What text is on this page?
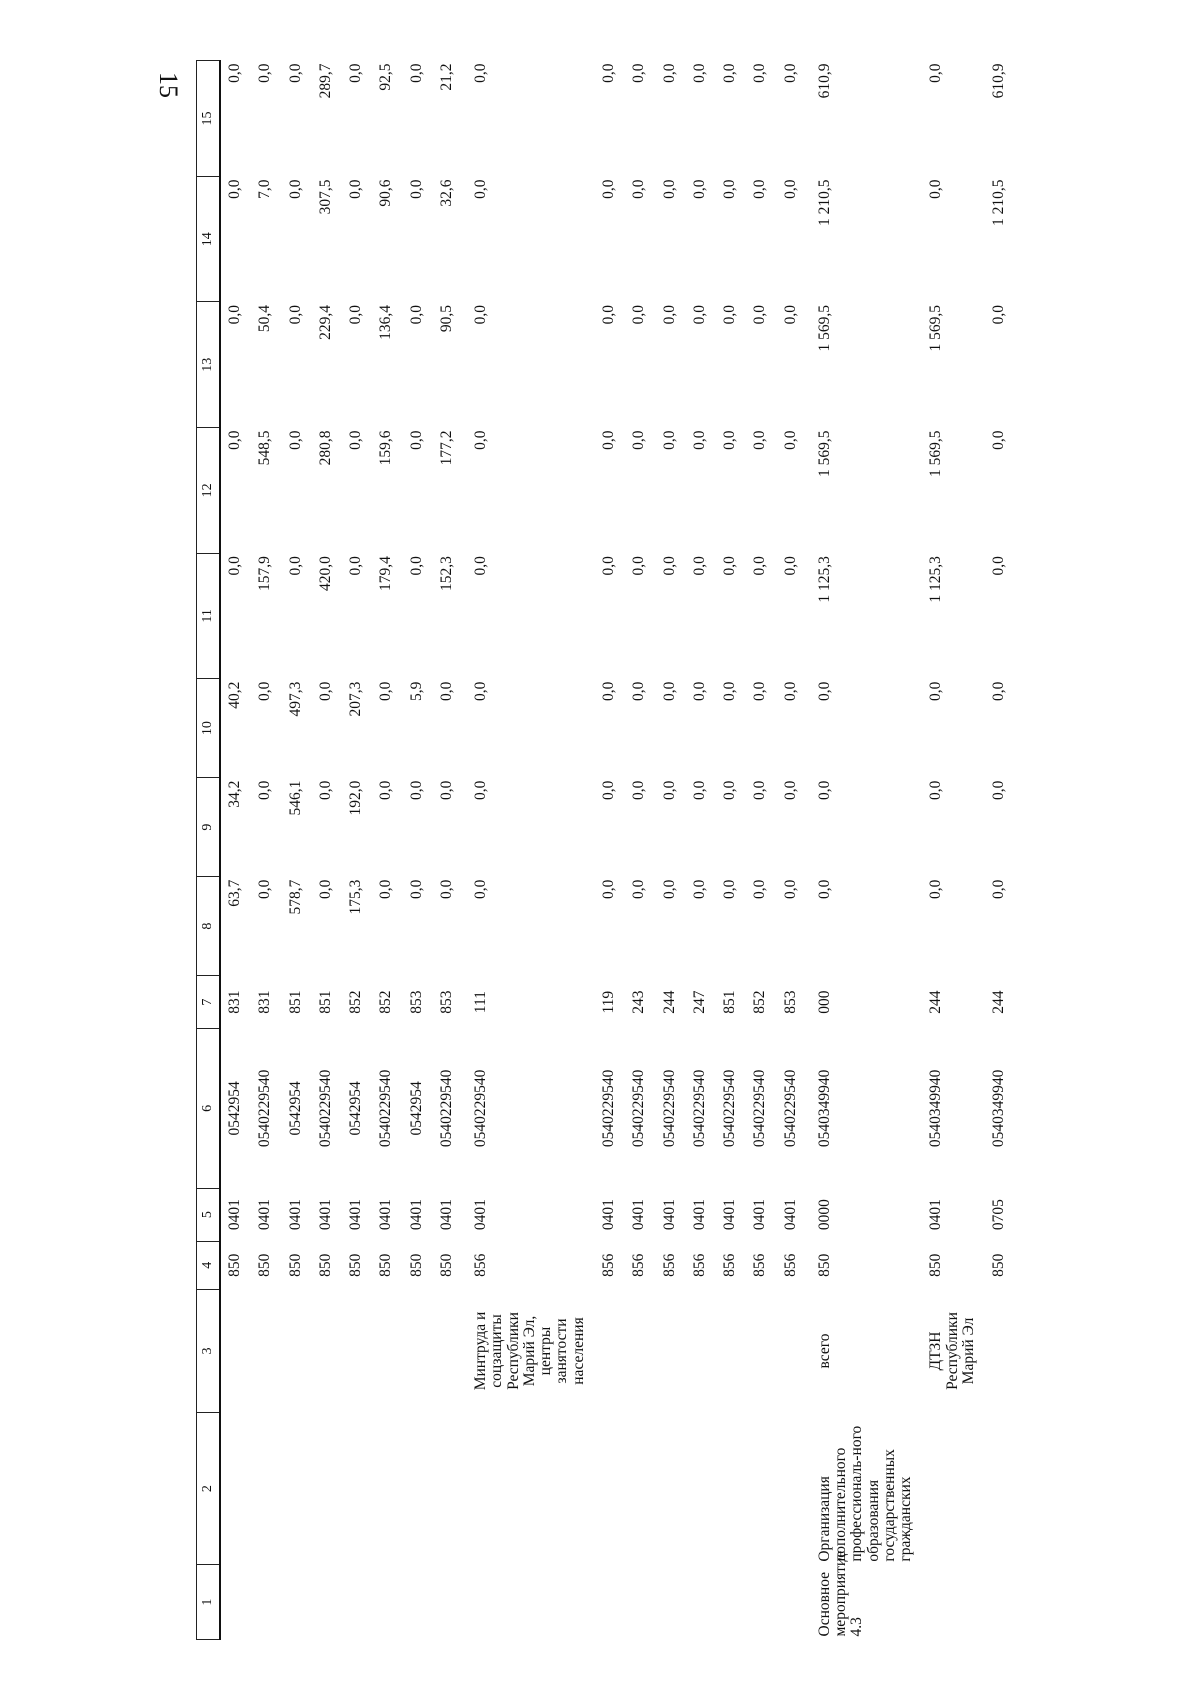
15
1	2	3	4	5	6	7	8	9	10	11	12	13	14	15
			850	0401	0542954	831	63,7	34,2	40,2	0,0	0,0	0,0	0,0	0,0
			850	0401	0540229540	831	0,0	0,0	0,0	157,9	548,5	50,4	7,0	0,0
			850	0401	0542954	851	578,7	546,1	497,3	0,0	0,0	0,0	0,0	0,0
			850	0401	0540229540	851	0,0	0,0	0,0	420,0	280,8	229,4	307,5	289,7
			850	0401	0542954	852	175,3	192,0	207,3	0,0	0,0	0,0	0,0	0,0
			850	0401	0540229540	852	0,0	0,0	0,0	179,4	159,6	136,4	90,6	92,5
			850	0401	0542954	853	0,0	0,0	5,9	0,0	0,0	0,0	0,0	0,0
			850	0401	0540229540	853	0,0	0,0	0,0	152,3	177,2	90,5	32,6	21,2
		Минтруда и соцзащиты Республики Марий Эл, центры занятости населения	856	0401	0540229540	111	0,0	0,0	0,0	0,0	0,0	0,0	0,0	0,0
			856	0401	0540229540	119	0,0	0,0	0,0	0,0	0,0	0,0	0,0	0,0
			856	0401	0540229540	243	0,0	0,0	0,0	0,0	0,0	0,0	0,0	0,0
			856	0401	0540229540	244	0,0	0,0	0,0	0,0	0,0	0,0	0,0	0,0
			856	0401	0540229540	247	0,0	0,0	0,0	0,0	0,0	0,0	0,0	0,0
			856	0401	0540229540	851	0,0	0,0	0,0	0,0	0,0	0,0	0,0	0,0
			856	0401	0540229540	852	0,0	0,0	0,0	0,0	0,0	0,0	0,0	0,0
			856	0401	0540229540	853	0,0	0,0	0,0	0,0	0,0	0,0	0,0	0,0
Основное мероприятие 4.3	Организация дополнительного профессиональ-ного образования государственных гражданских	всего	850	0000	0540349940	000	0,0	0,0	0,0	1 125,3	1 569,5	1 569,5	1 210,5	610,9
		ДТЗН Республики Марий Эл	850	0401	0540349940	244	0,0	0,0	0,0	1 125,3	1 569,5	1 569,5	0,0	0,0
			850	0705	0540349940	244	0,0	0,0	0,0	0,0	0,0	0,0	1 210,5	610,9
